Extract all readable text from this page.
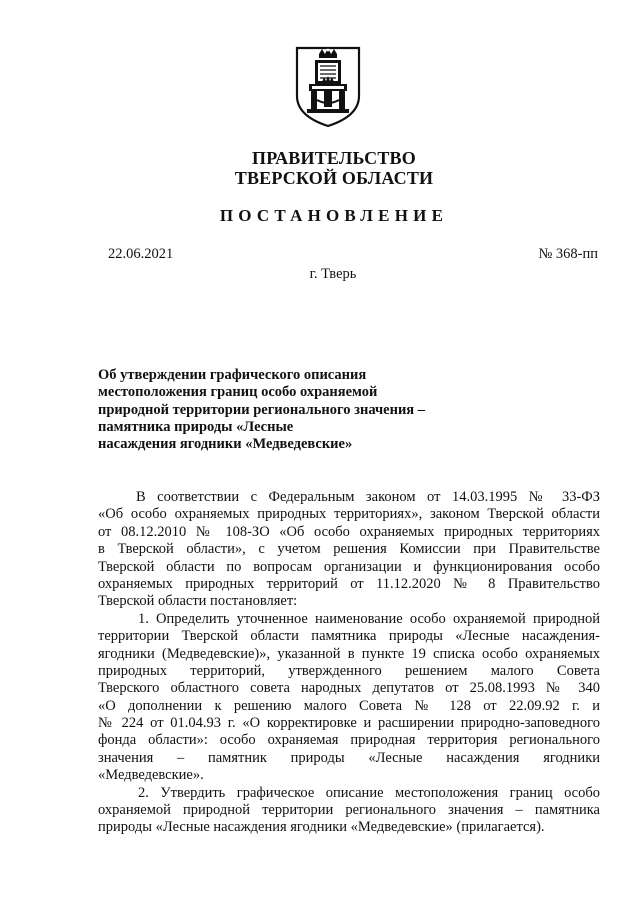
ПРАВИТЕЛЬСТВО
ТВЕРСКОЙ ОБЛАСТИ
ПОСТАНОВЛЕНИЕ
22.06.2021	№ 368-пп
г. Тверь
Об утверждении графического описания
местоположения границ особо охраняемой
природной территории регионального значения –
памятника природы «Лесные
насаждения ягодники «Медведевские»
В соответствии с Федеральным законом от 14.03.1995 № 33-ФЗ
«Об особо охраняемых природных территориях», законом Тверской области
от 08.12.2010 № 108-ЗО «Об особо охраняемых природных территориях
в Тверской области», с учетом решения Комиссии при Правительстве
Тверской области по вопросам организации и функционирования особо
охраняемых природных территорий от 11.12.2020 № 8 Правительство
Тверской области постановляет:
1. Определить уточненное наименование особо охраняемой природной
территории Тверской области памятника природы «Лесные насаждения-
ягодники (Медведевские)», указанной в пункте 19 списка особо охраняемых
природных территорий, утвержденного решением малого Совета
Тверского областного совета народных депутатов от 25.08.1993 № 340
«О дополнении к решению малого Совета № 128 от 22.09.92 г. и
№ 224 от 01.04.93 г. «О корректировке и расширении природно-заповедного
фонда области»: особо охраняемая природная территория регионального
значения – памятник природы «Лесные насаждения ягодники
«Медведевские».
2. Утвердить графическое описание местоположения границ особо
охраняемой природной территории регионального значения – памятника
природы «Лесные насаждения ягодники «Медведевские» (прилагается).
